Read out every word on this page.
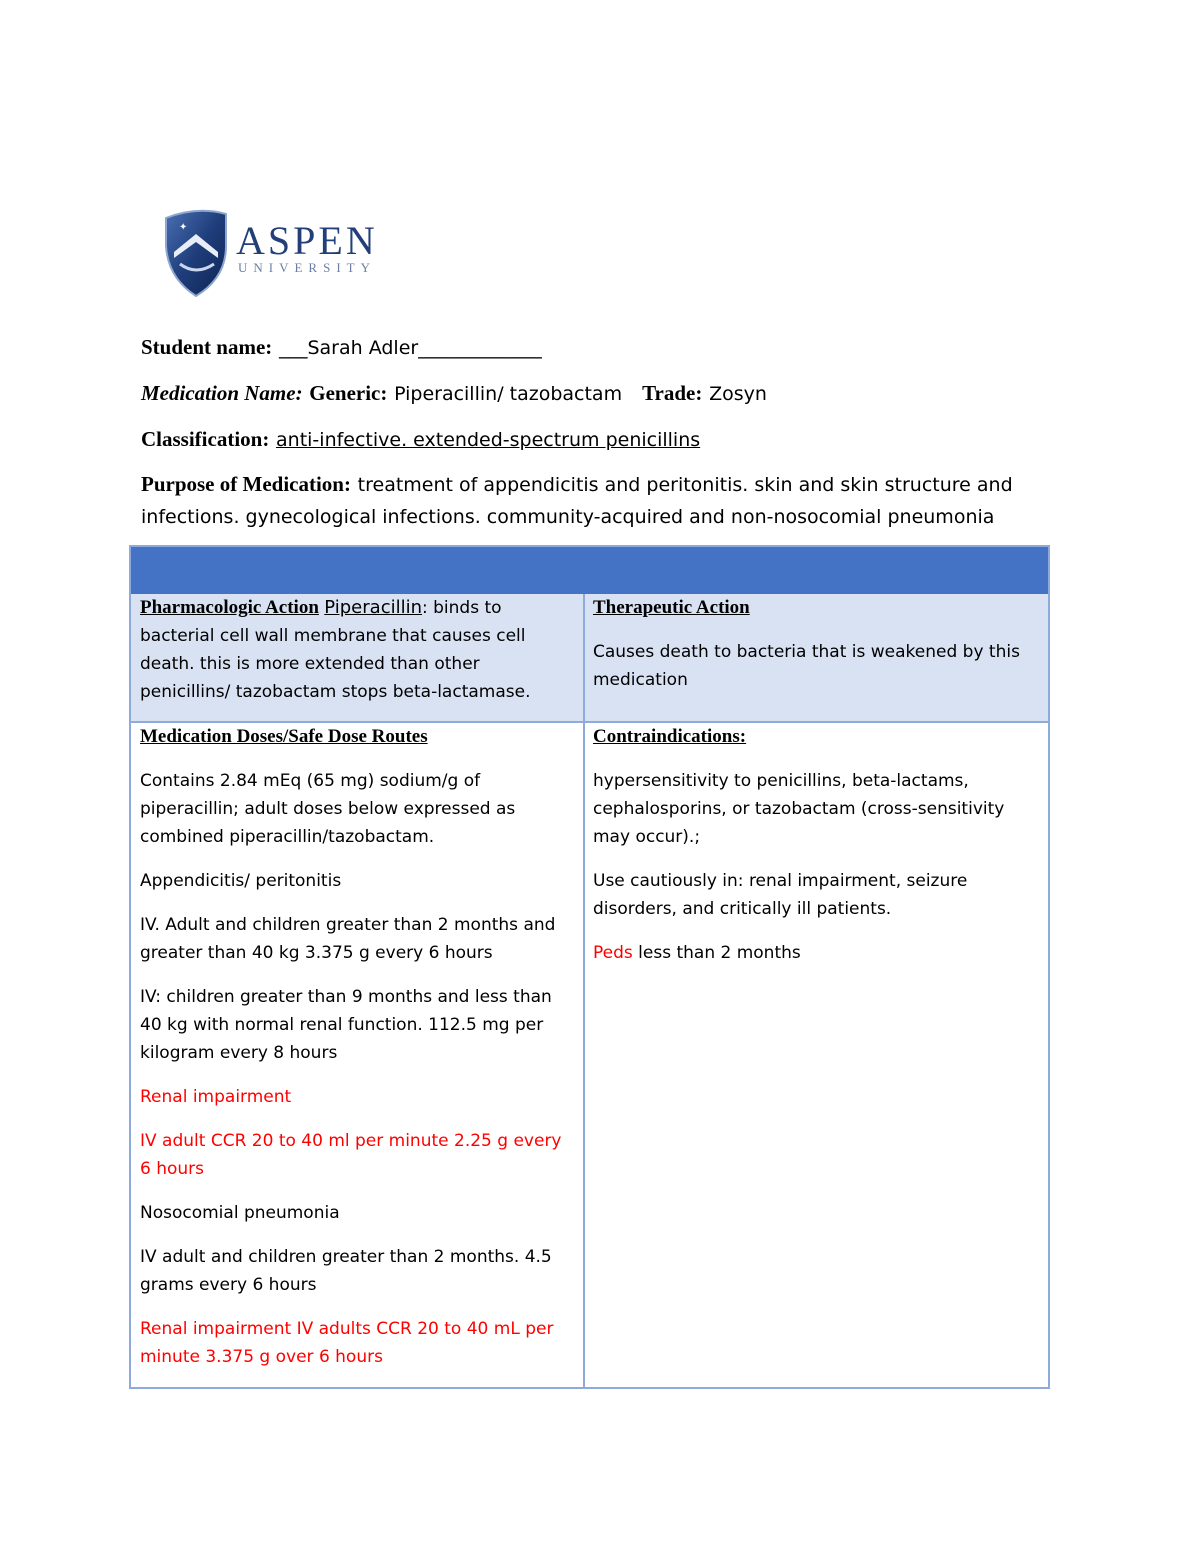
✦ ASPEN
UNIVERSITY
Student name: ___Sarah Adler_____________
Medication Name: Generic: Piperacillin/ tazobactam Trade: Zosyn
Classification: anti-infective. extended-spectrum penicillins
Purpose of Medication: treatment of appendicitis and peritonitis. skin and skin structure and infections. gynecological infections. community-acquired and non-nosocomial pneumonia

Pharmacologic Action Piperacillin: binds to bacterial cell wall membrane that causes cell death. this is more extended than other penicillins/ tazobactam stops beta-lactamase.

Therapeutic Action

Causes death to bacteria that is weakened by this medication

Medication Doses/Safe Dose Routes

Contains 2.84 mEq (65 mg) sodium/g of piperacillin; adult doses below expressed as combined piperacillin/tazobactam.

Appendicitis/ peritonitis

IV. Adult and children greater than 2 months and greater than 40 kg 3.375 g every 6 hours

IV: children greater than 9 months and less than 40 kg with normal renal function. 112.5 mg per kilogram every 8 hours

Renal impairment

IV adult CCR 20 to 40 ml per minute 2.25 g every 6 hours

Nosocomial pneumonia

IV adult and children greater than 2 months. 4.5 grams every 6 hours

Renal impairment IV adults CCR 20 to 40 mL per minute 3.375 g over 6 hours

Contraindications:

hypersensitivity to penicillins, beta-lactams, cephalosporins, or tazobactam (cross-sensitivity may occur).;

Use cautiously in: renal impairment, seizure disorders, and critically ill patients.

Peds less than 2 months
